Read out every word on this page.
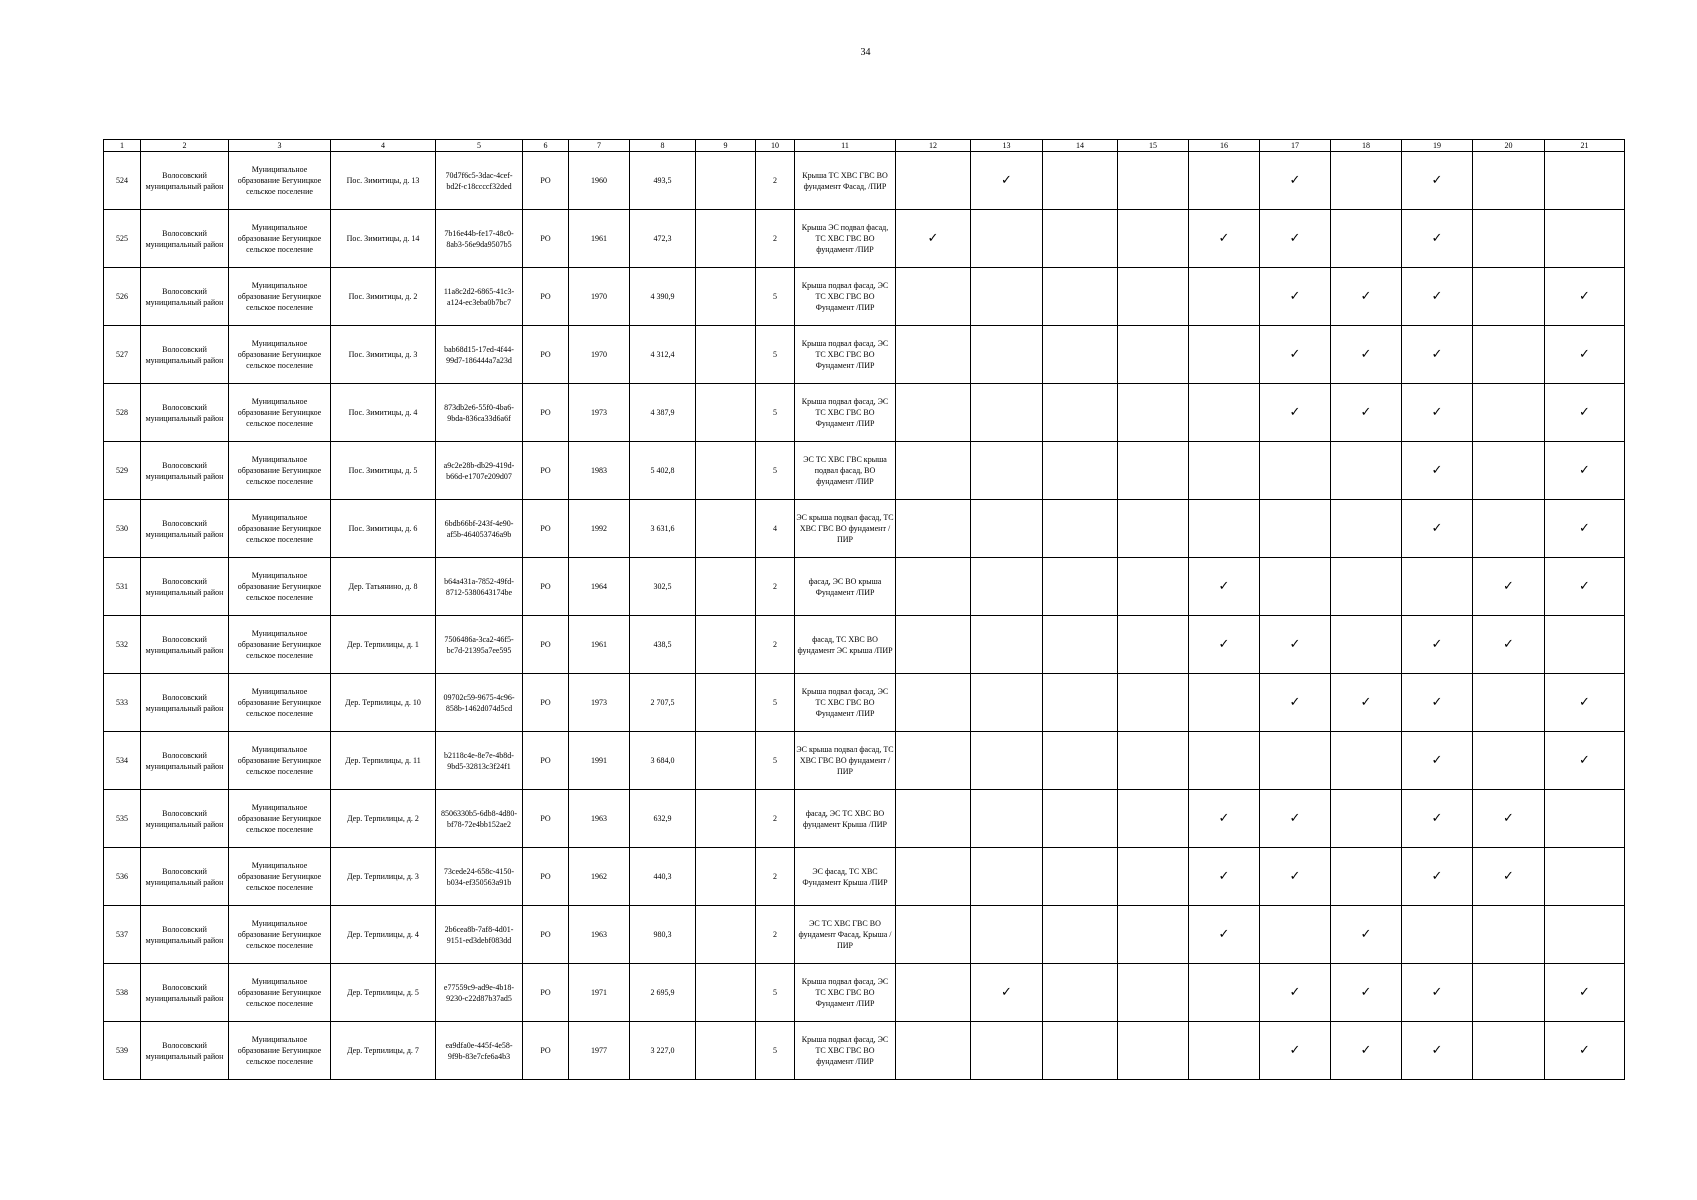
34
1	2	3	4	5	6	7	8	9	10	11	12	13	14	15	16	17	18	19	20	21
524	Волосовский муниципальный район	Муниципальное образование Бегуницкое сельское поселение	Пос. Зимитицы, д. 13	70d7f6c5-3dac-4cef-bd2f-c18ccccf32ded	РО	1960	493,5		2	Крыша ТС ХВС ГВС ВО фундамент Фасад, /ПИР		✓				✓		✓		
525	Волосовский муниципальный район	Муниципальное образование Бегуницкое сельское поселение	Пос. Зимитицы, д. 14	7b16e44b-fe17-48c0-8ab3-56e9da9507b5	РО	1961	472,3		2	Крыша ЭС подвал фасад, ТС ХВС ГВС ВО фундамент /ПИР	✓				✓	✓		✓		
526	Волосовский муниципальный район	Муниципальное образование Бегуницкое сельское поселение	Пос. Зимитицы, д. 2	11a8c2d2-6865-41c3-a124-ec3eba0b7bc7	РО	1970	4 390,9		5	Крыша подвал фасад, ЭС ТС ХВС ГВС ВО Фундамент /ПИР						✓	✓	✓		✓
527	Волосовский муниципальный район	Муниципальное образование Бегуницкое сельское поселение	Пос. Зимитицы, д. 3	bab68d15-17ed-4f44-99d7-186444a7a23d	РО	1970	4 312,4		5	Крыша подвал фасад, ЭС ТС ХВС ГВС ВО Фундамент /ПИР						✓	✓	✓		✓
528	Волосовский муниципальный район	Муниципальное образование Бегуницкое сельское поселение	Пос. Зимитицы, д. 4	873db2e6-55f0-4ba6-9bda-836ca33d6a6f	РО	1973	4 387,9		5	Крыша подвал фасад, ЭС ТС ХВС ГВС ВО Фундамент /ПИР						✓	✓	✓		✓
529	Волосовский муниципальный район	Муниципальное образование Бегуницкое сельское поселение	Пос. Зимитицы, д. 5	a9c2e28b-db29-419d-b66d-e1707e209d07	РО	1983	5 402,8		5	ЭС ТС ХВС ГВС крыша подвал фасад, ВО фундамент /ПИР								✓		✓
530	Волосовский муниципальный район	Муниципальное образование Бегуницкое сельское поселение	Пос. Зимитицы, д. 6	6bdb66bf-243f-4e90-af5b-464053746a9b	РО	1992	3 631,6		4	ЭС крыша подвал фасад, ТС ХВС ГВС ВО фундамент /ПИР								✓		✓
531	Волосовский муниципальный район	Муниципальное образование Бегуницкое сельское поселение	Дер. Татьянино, д. 8	b64a431a-7852-49fd-8712-5380643174be	РО	1964	302,5		2	фасад, ЭС ВО крыша Фундамент /ПИР					✓				✓	✓
532	Волосовский муниципальный район	Муниципальное образование Бегуницкое сельское поселение	Дер. Терпилицы, д. 1	7506486a-3ca2-46f5-bc7d-21395a7ee595	РО	1961	438,5		2	фасад, ТС ХВС ВО фундамент ЭС крыша /ПИР					✓	✓		✓	✓	
533	Волосовский муниципальный район	Муниципальное образование Бегуницкое сельское поселение	Дер. Терпилицы, д. 10	09702c59-9675-4c96-858b-1462d074d5cd	РО	1973	2 707,5		5	Крыша подвал фасад, ЭС ТС ХВС ГВС ВО Фундамент /ПИР						✓	✓	✓		✓
534	Волосовский муниципальный район	Муниципальное образование Бегуницкое сельское поселение	Дер. Терпилицы, д. 11	b2118c4e-8e7e-4b8d-9bd5-32813c3f24f1	РО	1991	3 684,0		5	ЭС крыша подвал фасад, ТС ХВС ГВС ВО фундамент /ПИР								✓		✓
535	Волосовский муниципальный район	Муниципальное образование Бегуницкое сельское поселение	Дер. Терпилицы, д. 2	8506330b5-6db8-4d80-bf78-72e4bb152ae2	РО	1963	632,9		2	фасад, ЭС ТС ХВС ВО фундамент Крыша /ПИР					✓	✓		✓	✓	
536	Волосовский муниципальный район	Муниципальное образование Бегуницкое сельское поселение	Дер. Терпилицы, д. 3	73cede24-658c-4150-b034-ef350563a91b	РО	1962	440,3		2	ЭС фасад, ТС ХВС Фундамент Крыша /ПИР					✓	✓		✓	✓	
537	Волосовский муниципальный район	Муниципальное образование Бегуницкое сельское поселение	Дер. Терпилицы, д. 4	2b6cea8b-7af8-4d01-9151-ed3debf083dd	РО	1963	980,3		2	ЭС ТС ХВС ГВС ВО фундамент Фасад, Крыша /ПИР					✓		✓			
538	Волосовский муниципальный район	Муниципальное образование Бегуницкое сельское поселение	Дер. Терпилицы, д. 5	e77559c9-ad9e-4b18-9230-c22d87b37ad5	РО	1971	2 695,9		5	Крыша подвал фасад, ЭС ТС ХВС ГВС ВО Фундамент /ПИР		✓				✓	✓	✓		✓
539	Волосовский муниципальный район	Муниципальное образование Бегуницкое сельское поселение	Дер. Терпилицы, д. 7	ea9dfa0e-445f-4e58-9f9b-83e7cfe6a4b3	РО	1977	3 227,0		5	Крыша подвал фасад, ЭС ТС ХВС ГВС ВО фундамент /ПИР						✓	✓	✓		✓
